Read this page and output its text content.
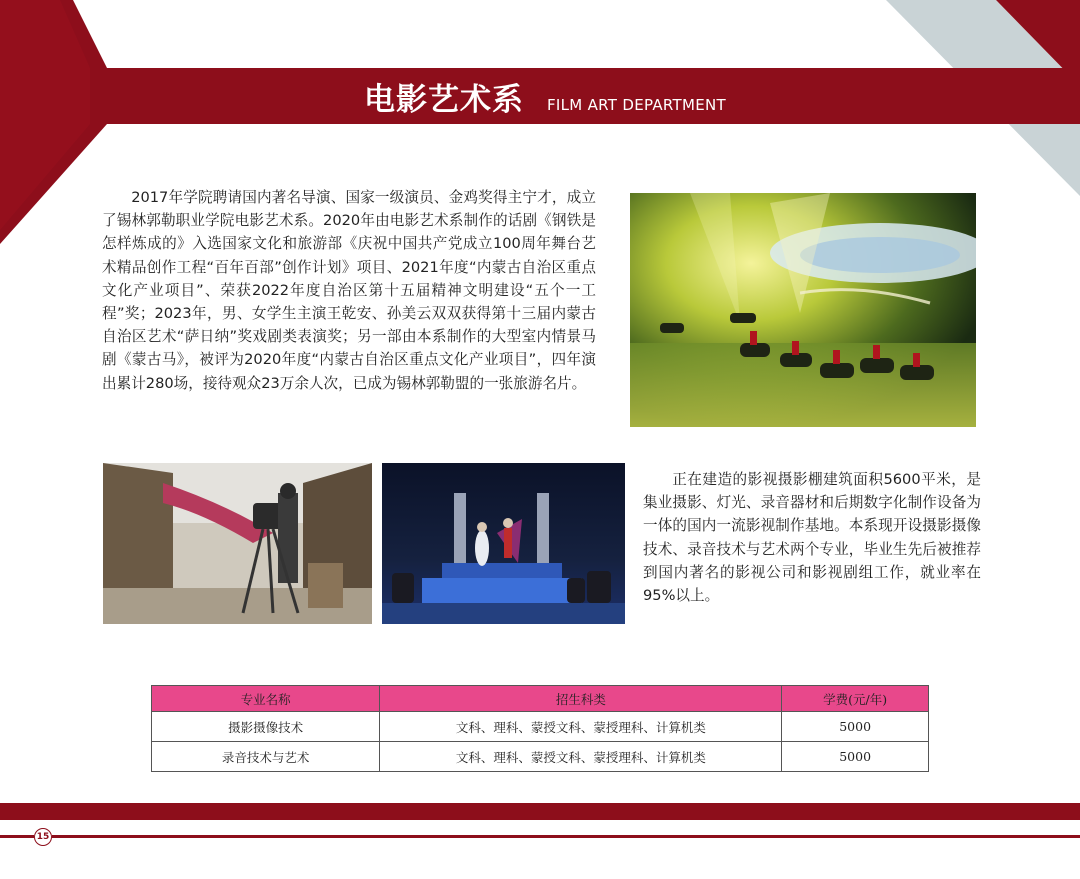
电影艺术系 FILM ART DEPARTMENT
2017年学院聘请国内著名导演、国家一级演员、金鸡奖得主宁才，成立了锡林郭勒职业学院电影艺术系。2020年由电影艺术系制作的话剧《钢铁是怎样炼成的》入选国家文化和旅游部《庆祝中国共产党成立100周年舞台艺术精品创作工程“百年百部”创作计划》项目、2021年度“内蒙古自治区重点文化产业项目”、荣获2022年度自治区第十五届精神文明建设“五个一工程”奖；2023年，男、女学生主演王乾安、孙美云双双获得第十三届内蒙古自治区艺术“萨日纳”奖戏剧类表演奖；另一部由本系制作的大型室内情景马剧《蒙古马》，被评为2020年度“内蒙古自治区重点文化产业项目”，四年演出累计280场，接待观众23万余人次，已成为锡林郭勒盟的一张旅游名片。
正在建造的影视摄影棚建筑面积5600平米，是集业摄影、灯光、录音器材和后期数字化制作设备为一体的国内一流影视制作基地。本系现开设摄影摄像技术、录音技术与艺术两个专业，毕业生先后被推荐到国内著名的影视公司和影视剧组工作，就业率在95%以上。
专业名称	招生科类	学费(元/年)
摄影摄像技术	文科、理科、蒙授文科、蒙授理科、计算机类	5000
录音技术与艺术	文科、理科、蒙授文科、蒙授理科、计算机类	5000
15
